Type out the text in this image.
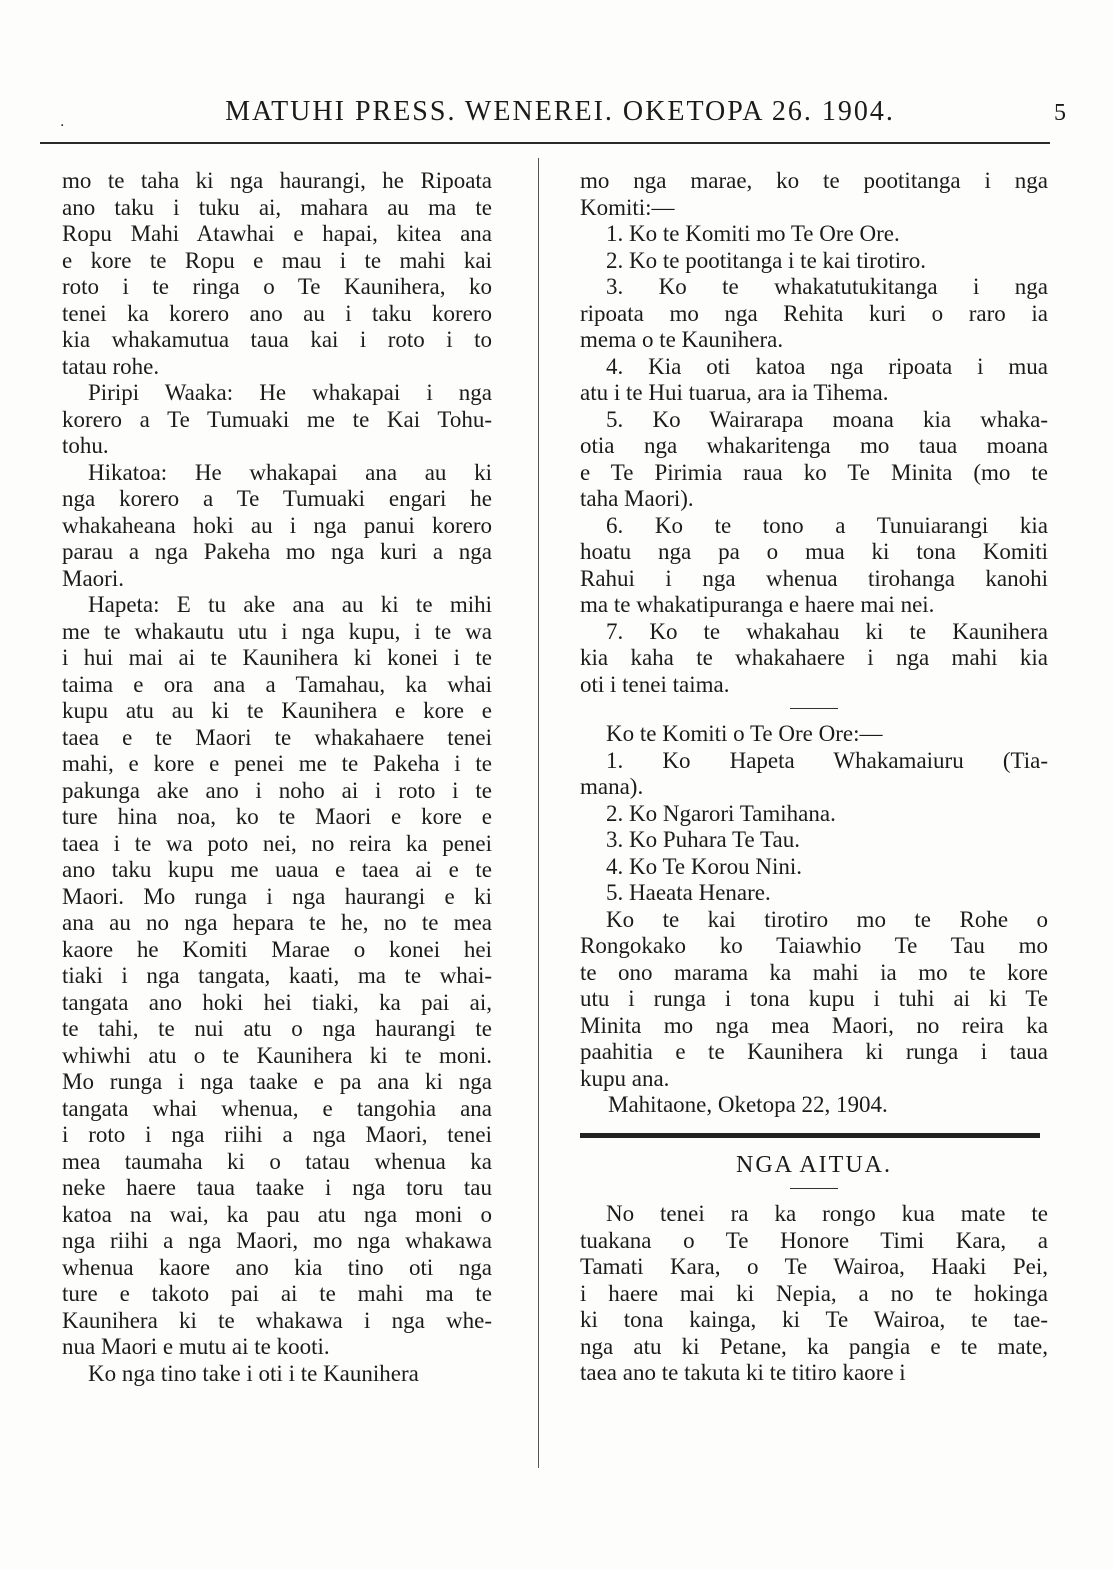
.	MATUHI PRESS. WENEREI. OKETOPA 26. 1904.	5
mo te taha ki nga haurangi, he Ripoata
ano taku i tuku ai, mahara au ma te
Ropu Mahi Atawhai e hapai, kitea ana
e kore te Ropu e mau i te mahi kai
roto i te ringa o Te Kaunihera, ko
tenei ka korero ano au i taku korero
kia whakamutua taua kai i roto i to
tatau rohe.
Piripi Waaka: He whakapai i nga
korero a Te Tumuaki me te Kai Tohu-
tohu.
Hikatoa: He whakapai ana au ki
nga korero a Te Tumuaki engari he
whakaheana hoki au i nga panui korero
parau a nga Pakeha mo nga kuri a nga
Maori.
Hapeta: E tu ake ana au ki te mihi
me te whakautu utu i nga kupu, i te wa
i hui mai ai te Kaunihera ki konei i te
taima e ora ana a Tamahau, ka whai
kupu atu au ki te Kaunihera e kore e
taea e te Maori te whakahaere tenei
mahi, e kore e penei me te Pakeha i te
pakunga ake ano i noho ai i roto i te
ture hina noa, ko te Maori e kore e
taea i te wa poto nei, no reira ka penei
ano taku kupu me uaua e taea ai e te
Maori. Mo runga i nga haurangi e ki
ana au no nga hepara te he, no te mea
kaore he Komiti Marae o konei hei
tiaki i nga tangata, kaati, ma te whai-
tangata ano hoki hei tiaki, ka pai ai,
te tahi, te nui atu o nga haurangi te
whiwhi atu o te Kaunihera ki te moni.
Mo runga i nga taake e pa ana ki nga
tangata whai whenua, e tangohia ana
i roto i nga riihi a nga Maori, tenei
mea taumaha ki o tatau whenua ka
neke haere taua taake i nga toru tau
katoa na wai, ka pau atu nga moni o
nga riihi a nga Maori, mo nga whakawa
whenua kaore ano kia tino oti nga
ture e takoto pai ai te mahi ma te
Kaunihera ki te whakawa i nga whe-
nua Maori e mutu ai te kooti.
Ko nga tino take i oti i te Kaunihera
mo nga marae, ko te pootitanga i nga
Komiti:—
1. Ko te Komiti mo Te Ore Ore.
2. Ko te pootitanga i te kai tirotiro.
3. Ko te whakatutukitanga i nga
ripoata mo nga Rehita kuri o raro ia
mema o te Kaunihera.
4. Kia oti katoa nga ripoata i mua
atu i te Hui tuarua, ara ia Tihema.
5. Ko Wairarapa moana kia whaka-
otia nga whakaritenga mo taua moana
e Te Pirimia raua ko Te Minita (mo te
taha Maori).
6. Ko te tono a Tunuiarangi kia
hoatu nga pa o mua ki tona Komiti
Rahui i nga whenua tirohanga kanohi
ma te whakatipuranga e haere mai nei.
7. Ko te whakahau ki te Kaunihera
kia kaha te whakahaere i nga mahi kia
oti i tenei taima.
Ko te Komiti o Te Ore Ore:—
1. Ko Hapeta Whakamaiuru (Tia-
mana).
2. Ko Ngarori Tamihana.
3. Ko Puhara Te Tau.
4. Ko Te Korou Nini.
5. Haeata Henare.
Ko te kai tirotiro mo te Rohe o
Rongokako ko Taiawhio Te Tau mo
te ono marama ka mahi ia mo te kore
utu i runga i tona kupu i tuhi ai ki Te
Minita mo nga mea Maori, no reira ka
paahitia e te Kaunihera ki runga i taua
kupu ana.
Mahitaone, Oketopa 22, 1904.
NGA AITUA.
No tenei ra ka rongo kua mate te
tuakana o Te Honore Timi Kara, a
Tamati Kara, o Te Wairoa, Haaki Pei,
i haere mai ki Nepia, a no te hokinga
ki tona kainga, ki Te Wairoa, te tae-
nga atu ki Petane, ka pangia e te mate,
taea ano te takuta ki te titiro kaore i
